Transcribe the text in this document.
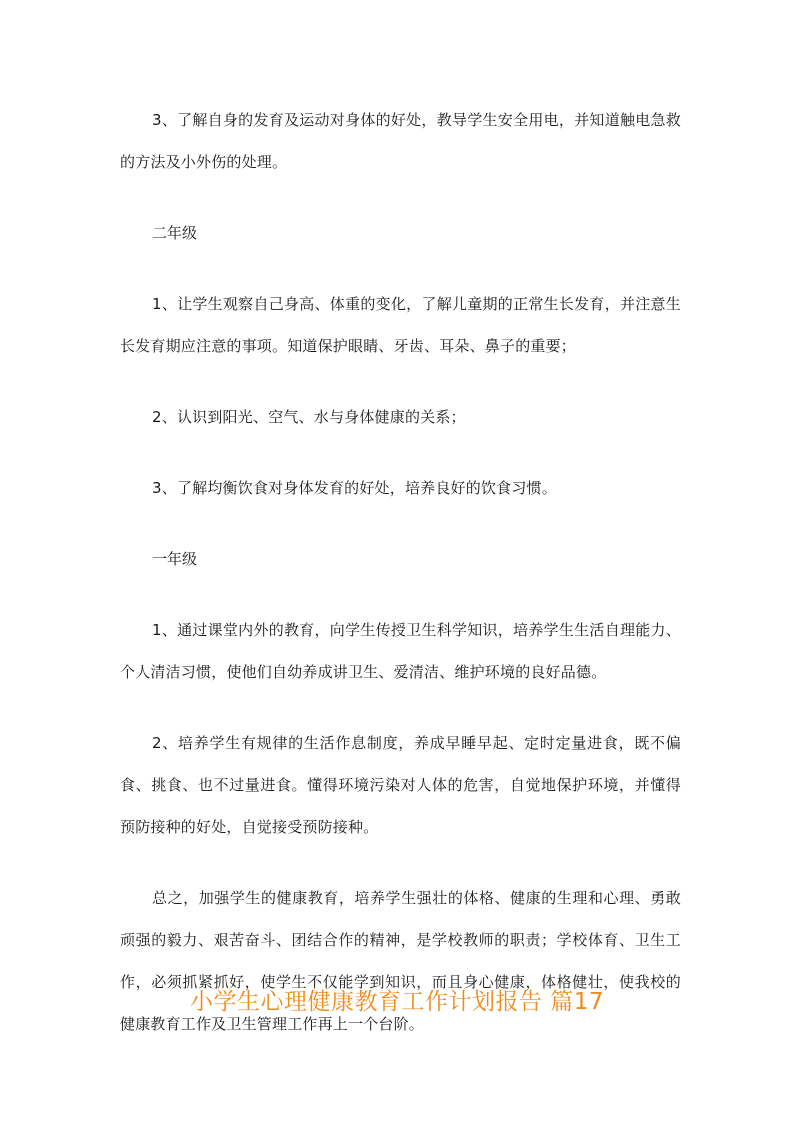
3、了解自身的发育及运动对身体的好处，教导学生安全用电，并知道触电急救的方法及小外伤的处理。

二年级

1、让学生观察自己身高、体重的变化，了解儿童期的正常生长发育，并注意生长发育期应注意的事项。知道保护眼睛、牙齿、耳朵、鼻子的重要；

2、认识到阳光、空气、水与身体健康的关系；

3、了解均衡饮食对身体发育的好处，培养良好的饮食习惯。

一年级

1、通过课堂内外的教育，向学生传授卫生科学知识，培养学生生活自理能力、个人清洁习惯，使他们自幼养成讲卫生、爱清洁、维护环境的良好品德。

2、培养学生有规律的生活作息制度，养成早睡早起、定时定量进食，既不偏食、挑食、也不过量进食。懂得环境污染对人体的危害，自觉地保护环境，并懂得预防接种的好处，自觉接受预防接种。

总之，加强学生的健康教育，培养学生强壮的体格、健康的生理和心理、勇敢顽强的毅力、艰苦奋斗、团结合作的精神，是学校教师的职责；学校体育、卫生工作，必须抓紧抓好，使学生不仅能学到知识，而且身心健康，体格健壮，使我校的健康教育工作及卫生管理工作再上一个台阶。

小学生心理健康教育工作计划报告 篇17
